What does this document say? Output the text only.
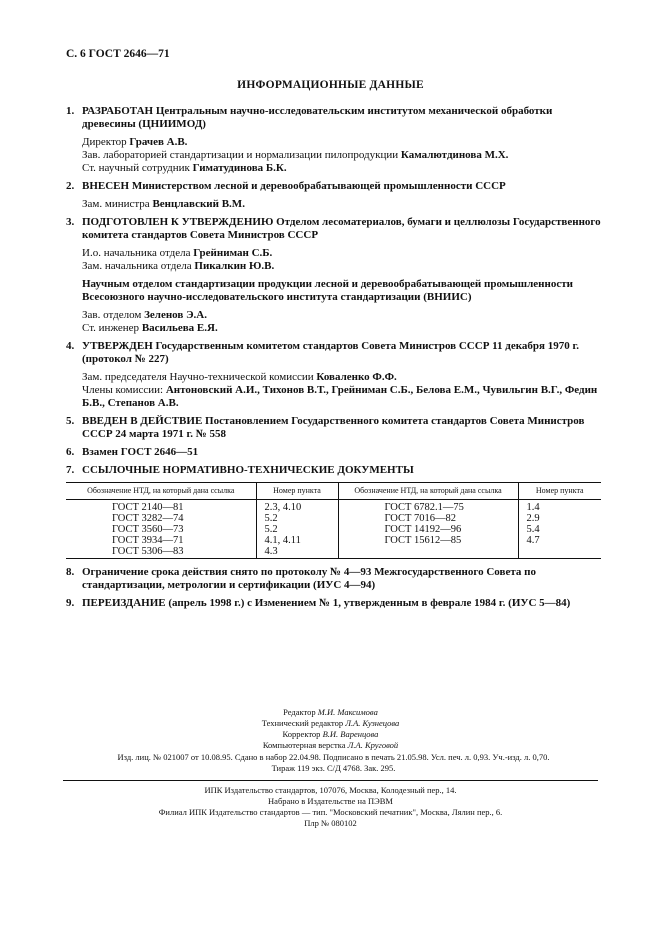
С. 6 ГОСТ 2646—71
ИНФОРМАЦИОННЫЕ ДАННЫЕ
1. РАЗРАБОТАН Центральным научно-исследовательским институтом механической обработки древесины (ЦНИИМОД)
Директор Грачев А.В.
Зав. лабораторией стандартизации и нормализации пилопродукции Камалютдинова М.Х.
Ст. научный сотрудник Гиматудинова Б.К.
2. ВНЕСЕН Министерством лесной и деревообрабатывающей промышленности СССР
Зам. министра Венцлавский В.М.
3. ПОДГОТОВЛЕН К УТВЕРЖДЕНИЮ Отделом лесоматериалов, бумаги и целлюлозы Государственного комитета стандартов Совета Министров СССР
И.о. начальника отдела Грейниман С.Б.
Зам. начальника отдела Пикалкин Ю.В.
Научным отделом стандартизации продукции лесной и деревообрабатывающей промышленности Всесоюзного научно-исследовательского института стандартизации (ВНИИС)
Зав. отделом Зеленов Э.А.
Ст. инженер Васильева Е.Я.
4. УТВЕРЖДЕН Государственным комитетом стандартов Совета Министров СССР 11 декабря 1970 г. (протокол № 227)
Зам. председателя Научно-технической комиссии Коваленко Ф.Ф.
Члены комиссии: Антоновский А.И., Тихонов В.Т., Грейниман С.Б., Белова Е.М., Чувильгин В.Г., Федин Б.В., Степанов А.В.
5. ВВЕДЕН В ДЕЙСТВИЕ Постановлением Государственного комитета стандартов Совета Министров СССР 24 марта 1971 г. № 558
6. Взамен ГОСТ 2646—51
7. ССЫЛОЧНЫЕ НОРМАТИВНО-ТЕХНИЧЕСКИЕ ДОКУМЕНТЫ
Обозначение НТД, на который дана ссылка	Номер пункта	Обозначение НТД, на который дана ссылка	Номер пункта
ГОСТ 2140—81	2.3, 4.10	ГОСТ 6782.1—75	1.4
ГОСТ 3282—74	5.2	ГОСТ 7016—82	2.9
ГОСТ 3560—73	5.2	ГОСТ 14192—96	5.4
ГОСТ 3934—71	4.1, 4.11	ГОСТ 15612—85	4.7
ГОСТ 5306—83	4.3		
8. Ограничение срока действия снято по протоколу № 4—93 Межгосударственного Совета по стандартизации, метрологии и сертификации (ИУС 4—94)
9. ПЕРЕИЗДАНИЕ (апрель 1998 г.) с Изменением № 1, утвержденным в феврале 1984 г. (ИУС 5—84)
Редактор М.И. Максимова
Технический редактор Л.А. Кузнецова
Корректор В.И. Варенцова
Компьютерная верстка Л.А. Круговой
Изд. лиц. № 021007 от 10.08.95. Сдано в набор 22.04.98. Подписано в печать 21.05.98. Усл. печ. л. 0,93. Уч.-изд. л. 0,70.
Тираж 119 экз. С/Д 4768. Зак. 295.
ИПК Издательство стандартов, 107076, Москва, Колодезный пер., 14.
Набрано в Издательстве на ПЭВМ
Филиал ИПК Издательство стандартов — тип. "Московский печатник", Москва, Лялин пер., 6.
Плр № 080102
